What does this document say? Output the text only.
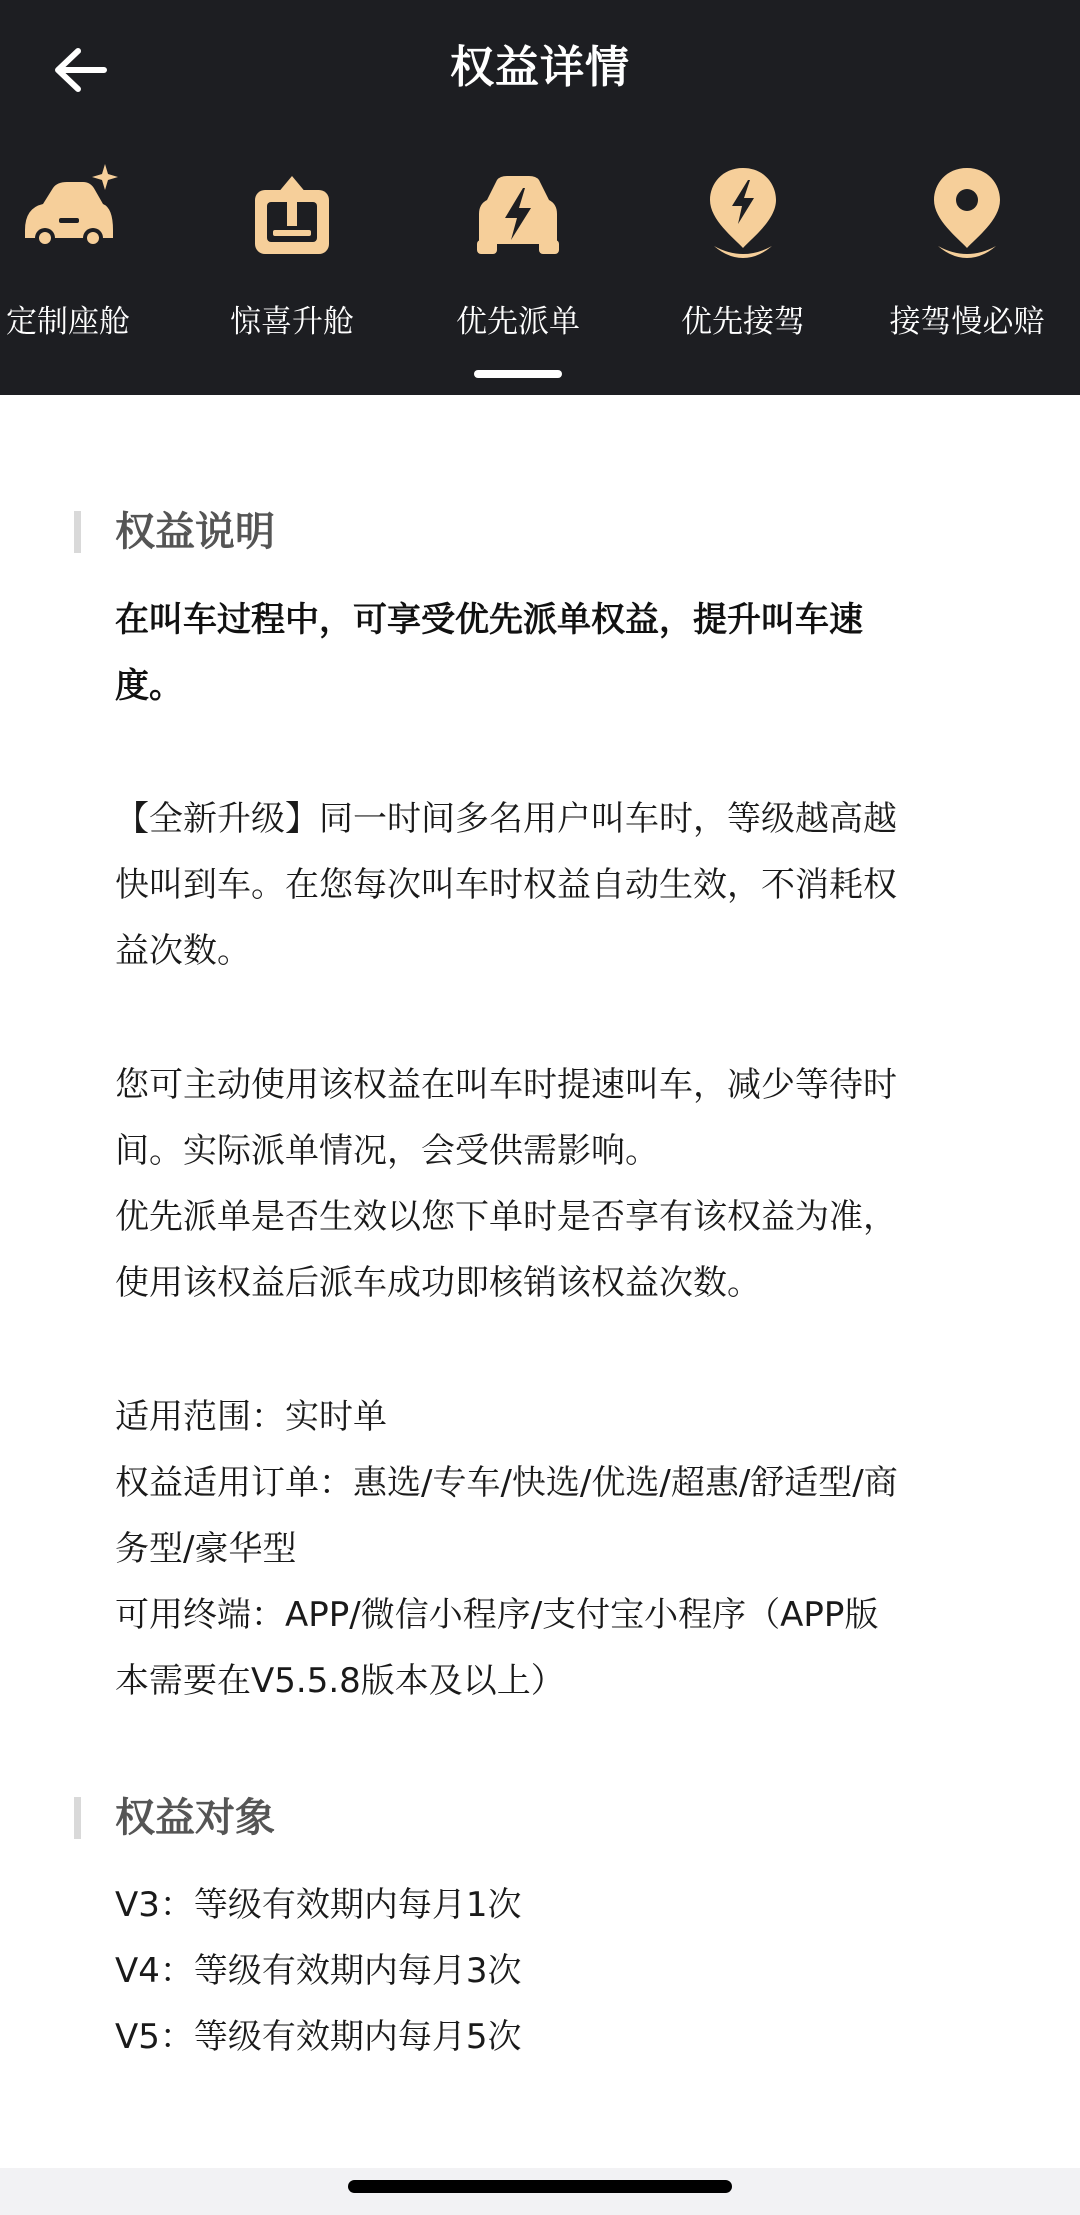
权益详情
定制座舱	惊喜升舱	优先派单	优先接驾	接驾慢必赔
权益说明
在叫车过程中，可享受优先派单权益，提升叫车速
度。
【全新升级】同一时间多名用户叫车时，等级越高越
快叫到车。在您每次叫车时权益自动生效，不消耗权
益次数。
您可主动使用该权益在叫车时提速叫车，减少等待时
间。实际派单情况，会受供需影响。
优先派单是否生效以您下单时是否享有该权益为准，
使用该权益后派车成功即核销该权益次数。
适用范围：实时单
权益适用订单：惠选/专车/快选/优选/超惠/舒适型/商
务型/豪华型
可用终端：APP/微信小程序/支付宝小程序（APP版
本需要在V5.5.8版本及以上）
权益对象
V3：等级有效期内每月1次
V4：等级有效期内每月3次
V5：等级有效期内每月5次
